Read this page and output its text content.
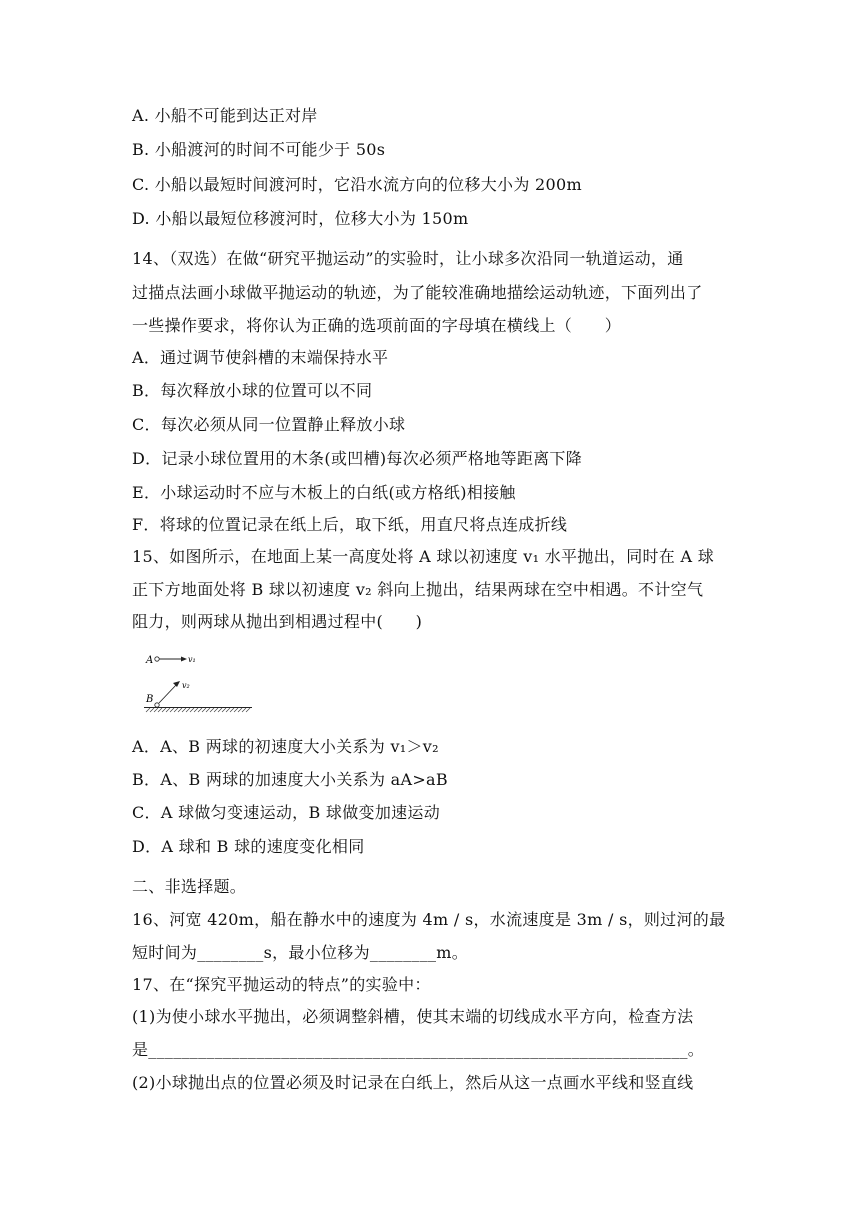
A. 小船不可能到达正对岸
B. 小船渡河的时间不可能少于 50s
C. 小船以最短时间渡河时，它沿水流方向的位移大小为 200m
D. 小船以最短位移渡河时，位移大小为 150m
14、（双选）在做“研究平抛运动”的实验时，让小球多次沿同一轨道运动，通
过描点法画小球做平抛运动的轨迹，为了能较准确地描绘运动轨迹，下面列出了
一些操作要求，将你认为正确的选项前面的字母填在横线上（　　）
A．通过调节使斜槽的末端保持水平
B．每次释放小球的位置可以不同
C．每次必须从同一位置静止释放小球
D．记录小球位置用的木条(或凹槽)每次必须严格地等距离下降
E．小球运动时不应与木板上的白纸(或方格纸)相接触
F．将球的位置记录在纸上后，取下纸，用直尺将点连成折线
15、如图所示，在地面上某一高度处将 A 球以初速度 v₁ 水平抛出，同时在 A 球
正下方地面处将 B 球以初速度 v₂ 斜向上抛出，结果两球在空中相遇。不计空气
阻力，则两球从抛出到相遇过程中(　　)
A	v₁
v₂
B
A．A、B 两球的初速度大小关系为 v₁＞v₂
B．A、B 两球的加速度大小关系为 aA>aB
C．A 球做匀变速运动，B 球做变加速运动
D．A 球和 B 球的速度变化相同
二、非选择题。
16、河宽 420m，船在静水中的速度为 4m / s，水流速度是 3m / s，则过河的最
短时间为________s，最小位移为________m。
17、在“探究平抛运动的特点”的实验中：
(1)为使小球水平抛出，必须调整斜槽，使其末端的切线成水平方向，检查方法
是_________________________________________________________________。
(2)小球抛出点的位置必须及时记录在白纸上，然后从这一点画水平线和竖直线
